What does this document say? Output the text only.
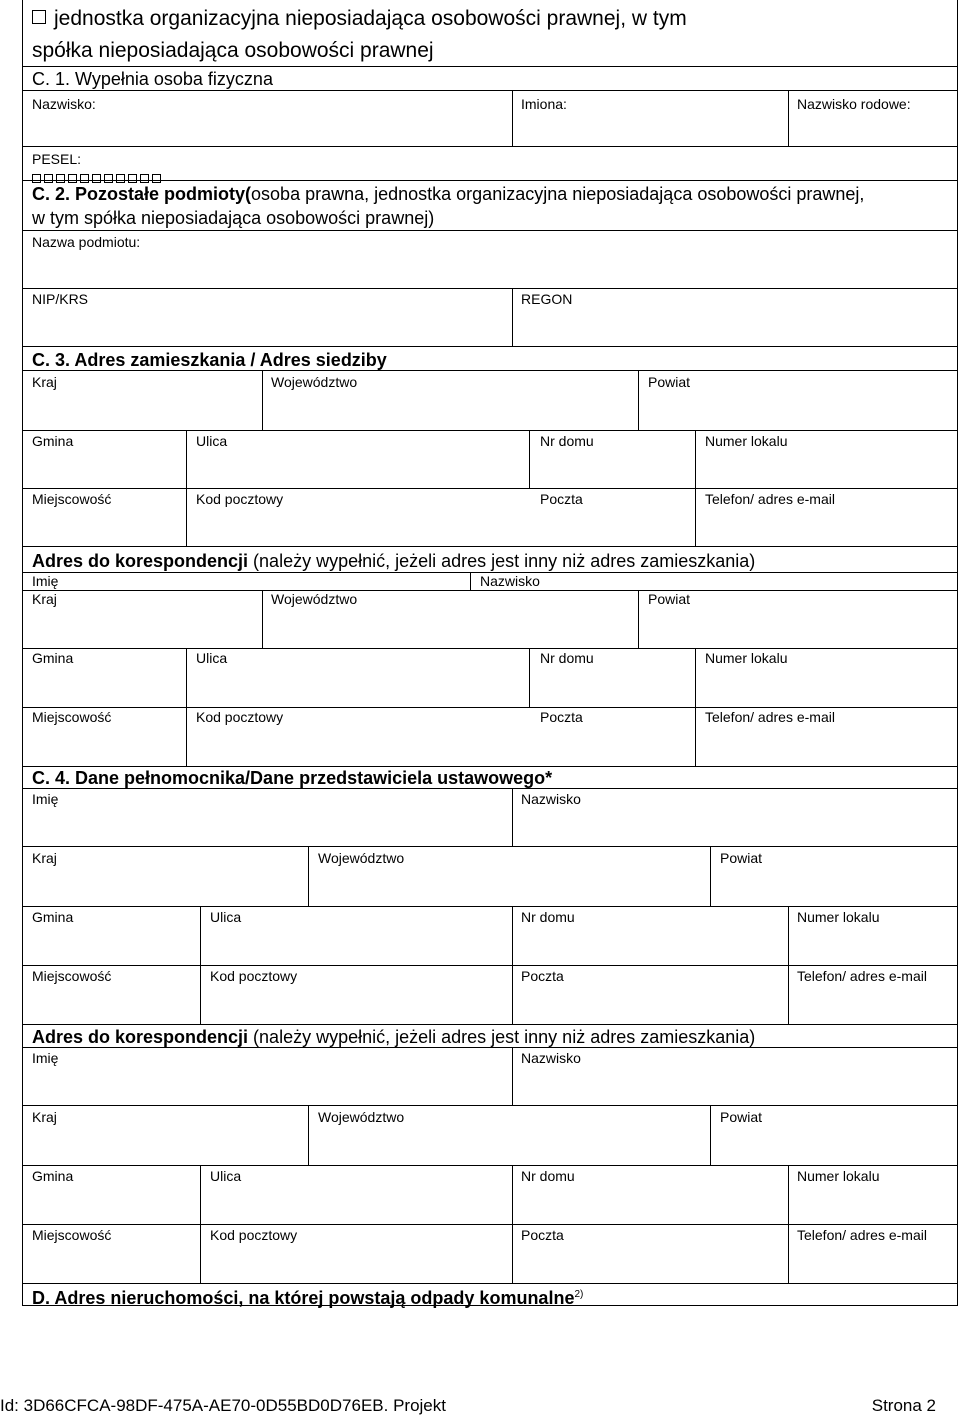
jednostka organizacyjna nieposiadająca osobowości prawnej, w tym
spółka nieposiadająca osobowości prawnej
C. 1. Wypełnia osoba fizyczna
Nazwisko:	Imiona:	Nazwisko rodowe:
PESEL:
C. 2. Pozostałe podmioty(osoba prawna, jednostka organizacyjna nieposiadająca osobowości prawnej,
w tym spółka nieposiadająca osobowości prawnej)
Nazwa podmiotu:
NIP/KRS	REGON
C. 3. Adres zamieszkania / Adres siedziby
Kraj	Województwo	Powiat
Gmina	Ulica	Nr domu	Numer lokalu
Miejscowość	Kod pocztowy	Poczta	Telefon/ adres e-mail
Adres do korespondencji (należy wypełnić, jeżeli adres jest inny niż adres zamieszkania)
Imię	Nazwisko
Kraj	Województwo	Powiat
Gmina	Ulica	Nr domu	Numer lokalu
Miejscowość	Kod pocztowy	Poczta	Telefon/ adres e-mail
C. 4. Dane pełnomocnika/Dane przedstawiciela ustawowego*
Imię	Nazwisko
Kraj	Województwo	Powiat
Gmina	Ulica	Nr domu	Numer lokalu
Miejscowość	Kod pocztowy	Poczta	Telefon/ adres e-mail
Adres do korespondencji (należy wypełnić, jeżeli adres jest inny niż adres zamieszkania)
Imię	Nazwisko
Kraj	Województwo	Powiat
Gmina	Ulica	Nr domu	Numer lokalu
Miejscowość	Kod pocztowy	Poczta	Telefon/ adres e-mail
D. Adres nieruchomości, na której powstają odpady komunalne$^{2)}$
Id: 3D66CFCA-98DF-475A-AE70-0D55BD0D76EB. Projekt	Strona 2
